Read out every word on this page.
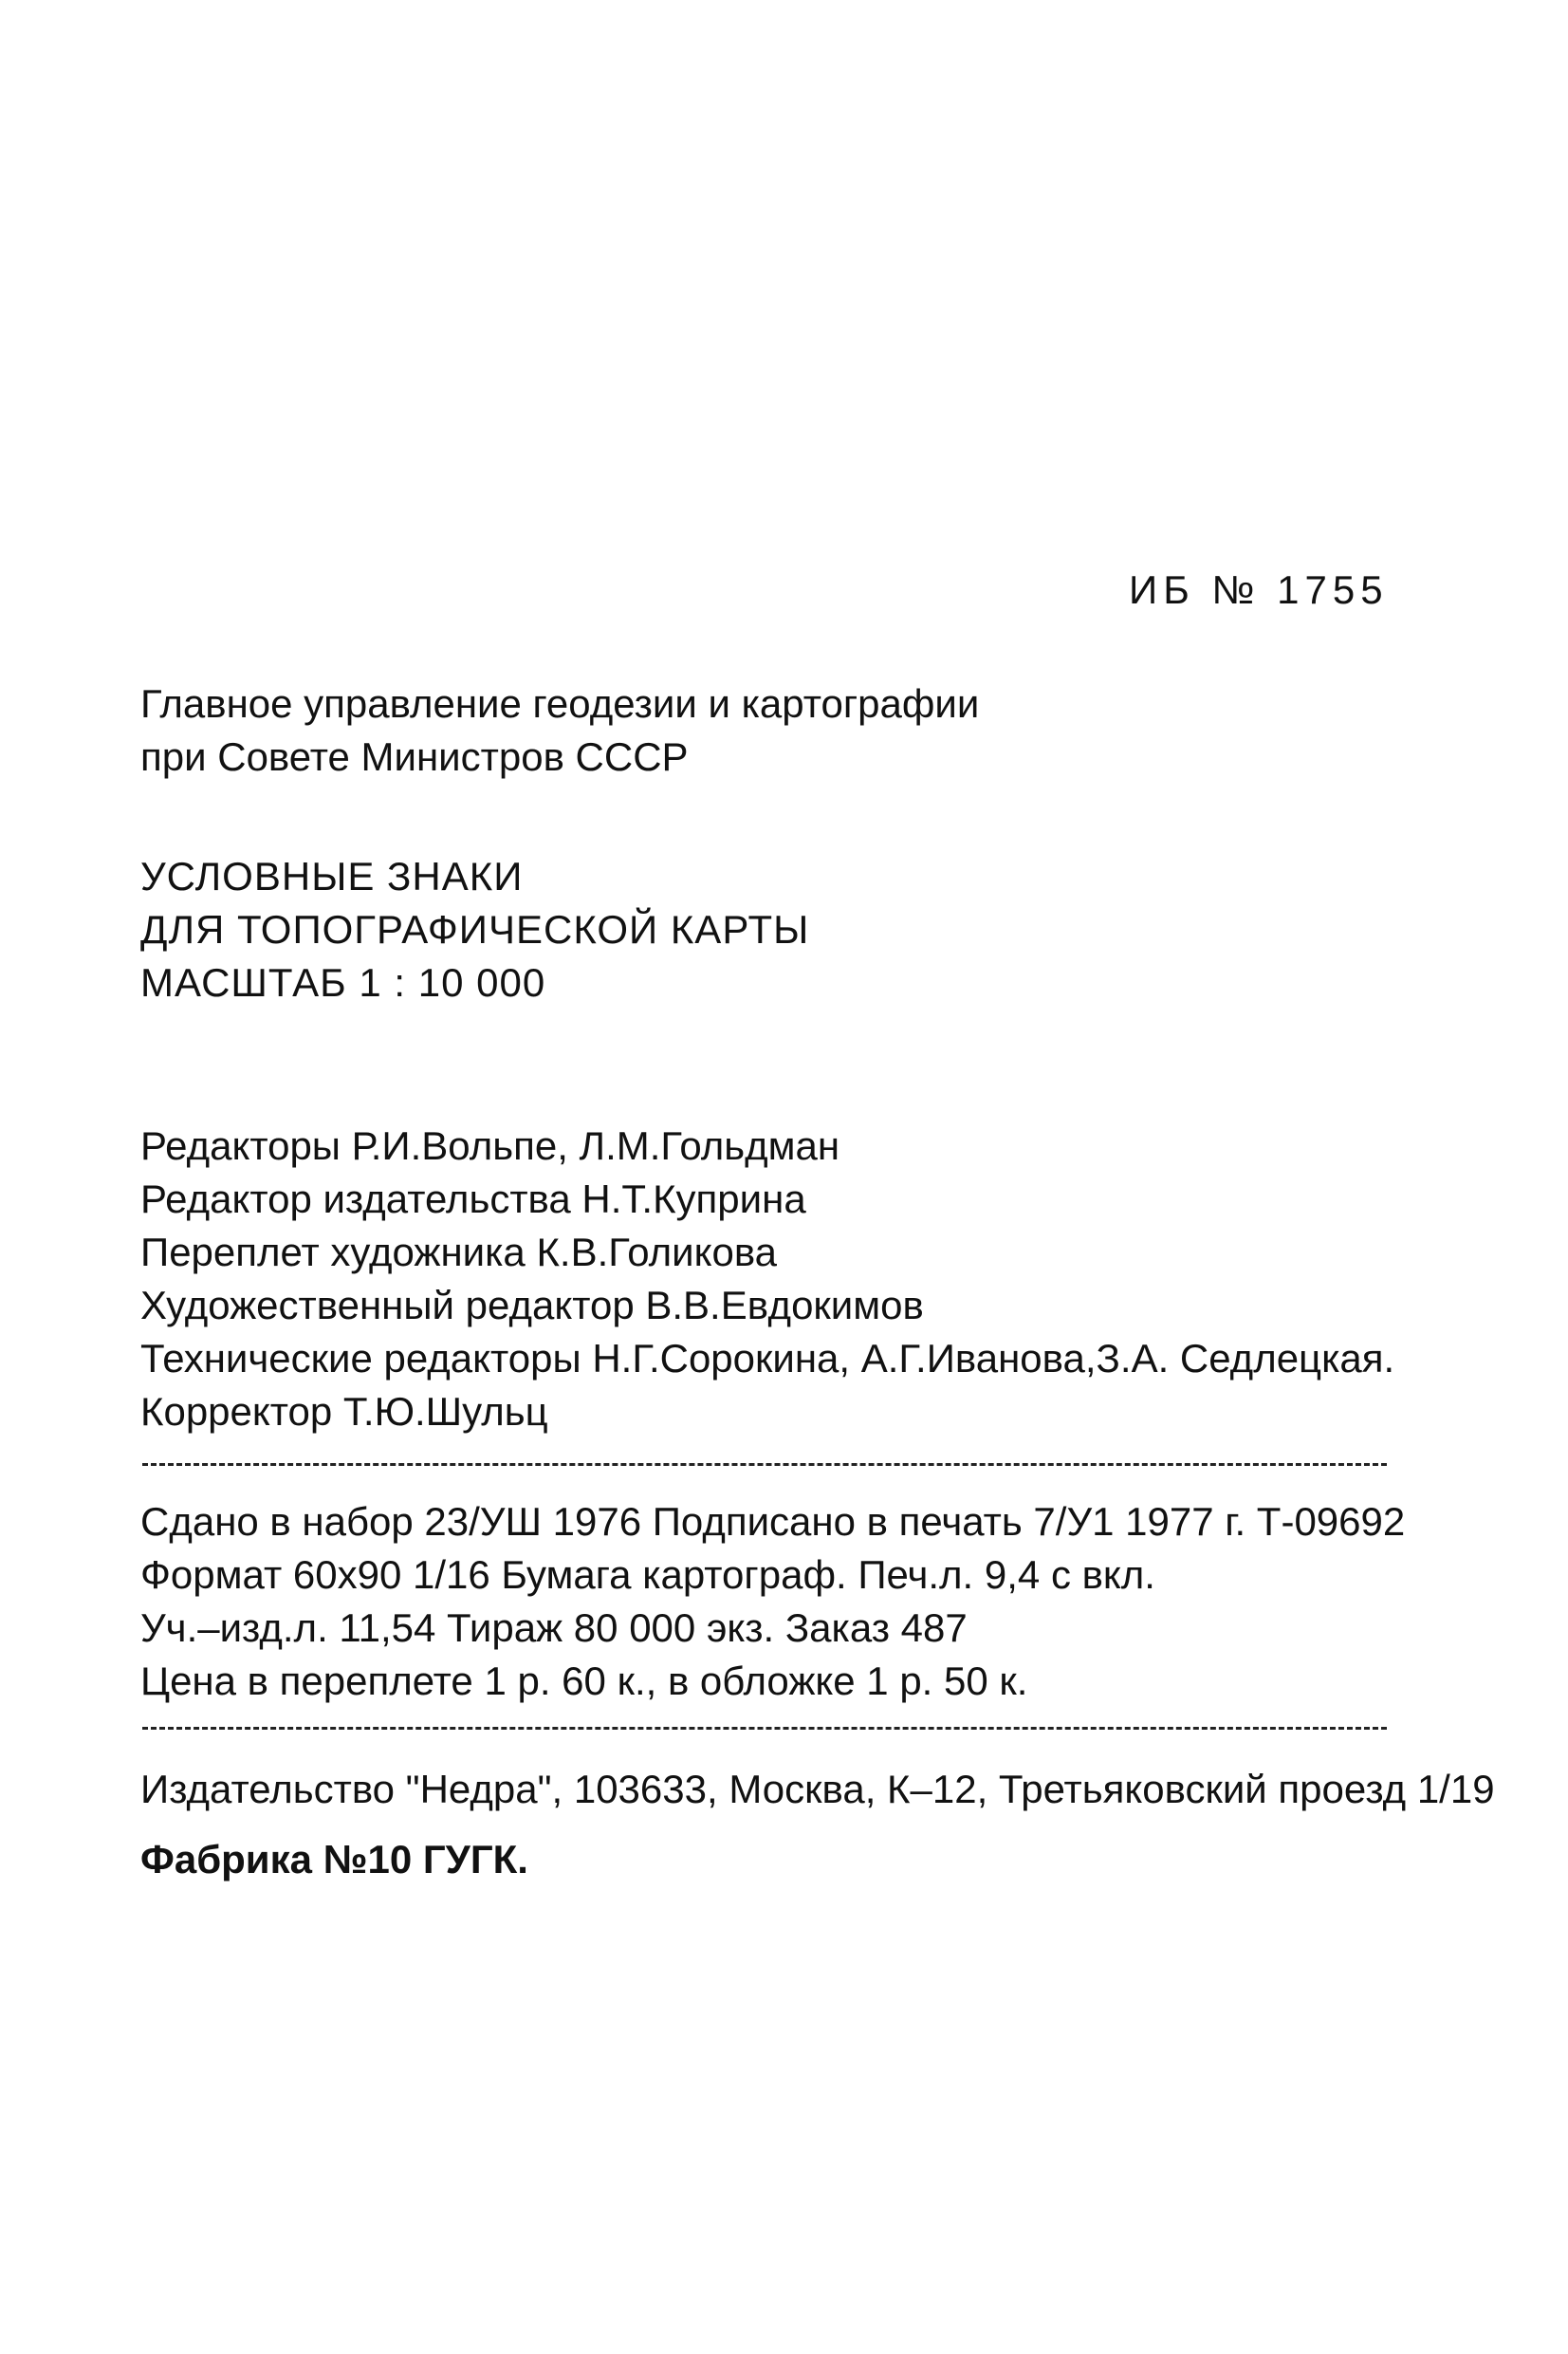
ИБ № 1755
Главное управление геодезии и картографии
при Совете Министров СССР
УСЛОВНЫЕ ЗНАКИ
ДЛЯ ТОПОГРАФИЧЕСКОЙ КАРТЫ
МАСШТАБ 1 : 10 000
Редакторы Р.И.Вольпе, Л.М.Гольдман
Редактор издательства Н.Т.Куприна
Переплет художника К.В.Голикова
Художественный редактор В.В.Евдокимов
Технические редакторы Н.Г.Сорокина, А.Г.Иванова,З.А. Седлецкая.
Корректор Т.Ю.Шульц
Сдано в набор 23/УШ 1976 Подписано в печать 7/У1 1977 г. Т-09692
Формат 60x90 1/16 Бумага картограф. Печ.л. 9,4 с вкл.
Уч.–изд.л. 11,54 Тираж 80 000 экз. Заказ 487
Цена в переплете 1 р. 60 к., в обложке 1 р. 50 к.
Издательство "Недра", 103633, Москва, К–12, Третьяковский проезд 1/19
Фабрика №10 ГУГК.
